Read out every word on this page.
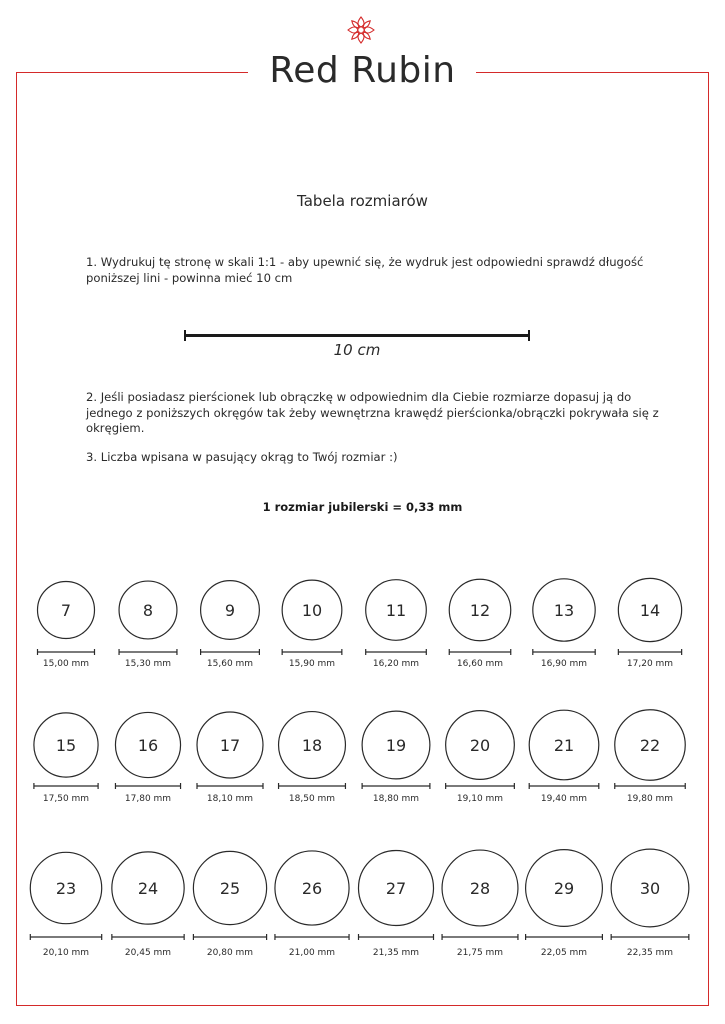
Red Rubin
Tabela rozmiarów
1. Wydrukuj tę stronę w skali 1:1 - aby upewnić się, że wydruk jest odpowiedni sprawdź długość poniższej lini - powinna mieć 10 cm
10 cm
2. Jeśli posiadasz pierścionek lub obrączkę w odpowiednim dla Ciebie rozmiarze dopasuj ją do jednego z poniższych okręgów tak żeby wewnętrzna krawędź pierścionka/obrączki pokrywała się z okręgiem.
3. Liczba wpisana w pasujący okrąg to Twój rozmiar :)
1 rozmiar jubilerski = 0,33 mm
7
15,00 mm
8
15,30 mm
9
15,60 mm
10
15,90 mm
11
16,20 mm
12
16,60 mm
13
16,90 mm
14
17,20 mm
15
17,50 mm
16
17,80 mm
17
18,10 mm
18
18,50 mm
19
18,80 mm
20
19,10 mm
21
19,40 mm
22
19,80 mm
23
20,10 mm
24
20,45 mm
25
20,80 mm
26
21,00 mm
27
21,35 mm
28
21,75 mm
29
22,05 mm
30
22,35 mm
